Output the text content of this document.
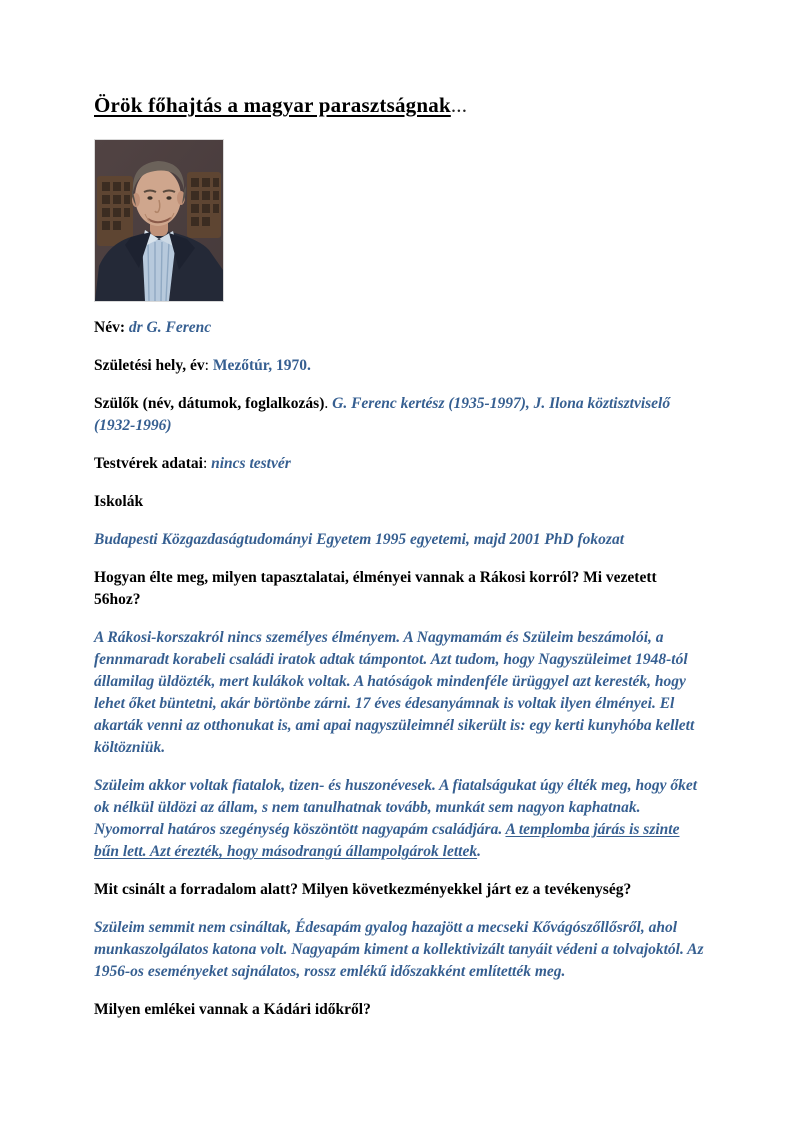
Örök főhajtás a magyar parasztságnak...

Név: dr G. Ferenc

Születési hely, év: Mezőtúr, 1970.

Szülők (név, dátumok, foglalkozás). G. Ferenc kertész (1935-1997), J. Ilona köztisztviselő (1932-1996)

Testvérek adatai: nincs testvér

Iskolák

Budapesti Közgazdaságtudományi Egyetem 1995 egyetemi, majd 2001 PhD fokozat

Hogyan élte meg, milyen tapasztalatai, élményei vannak a Rákosi korról? Mi vezetett 56hoz?

A Rákosi-korszakról nincs személyes élményem. A Nagymamám és Szüleim beszámolói, a fennmaradt korabeli családi iratok adtak támpontot. Azt tudom, hogy Nagyszüleimet 1948-tól államilag üldözték, mert kulákok voltak. A hatóságok mindenféle ürüggyel azt keresték, hogy lehet őket büntetni, akár börtönbe zárni. 17 éves édesanyámnak is voltak ilyen élményei. El akarták venni az otthonukat is, ami apai nagyszüleimnél sikerült is: egy kerti kunyhóba kellett költözniük.

Szüleim akkor voltak fiatalok, tizen- és huszonévesek. A fiatalságukat úgy élték meg, hogy őket ok nélkül üldözi az állam, s nem tanulhatnak tovább, munkát sem nagyon kaphatnak. Nyomorral határos szegénység köszöntött nagyapám családjára. A templomba járás is szinte bűn lett. Azt érezték, hogy másodrangú állampolgárok lettek.

Mit csinált a forradalom alatt? Milyen következményekkel járt ez a tevékenység?

Szüleim semmit nem csináltak, Édesapám gyalog hazajött a mecseki Kővágószőllősről, ahol munkaszolgálatos katona volt. Nagyapám kiment a kollektivizált tanyáit védeni a tolvajoktól. Az 1956-os eseményeket sajnálatos, rossz emlékű időszakként említették meg.

Milyen emlékei vannak a Kádári időkről?
